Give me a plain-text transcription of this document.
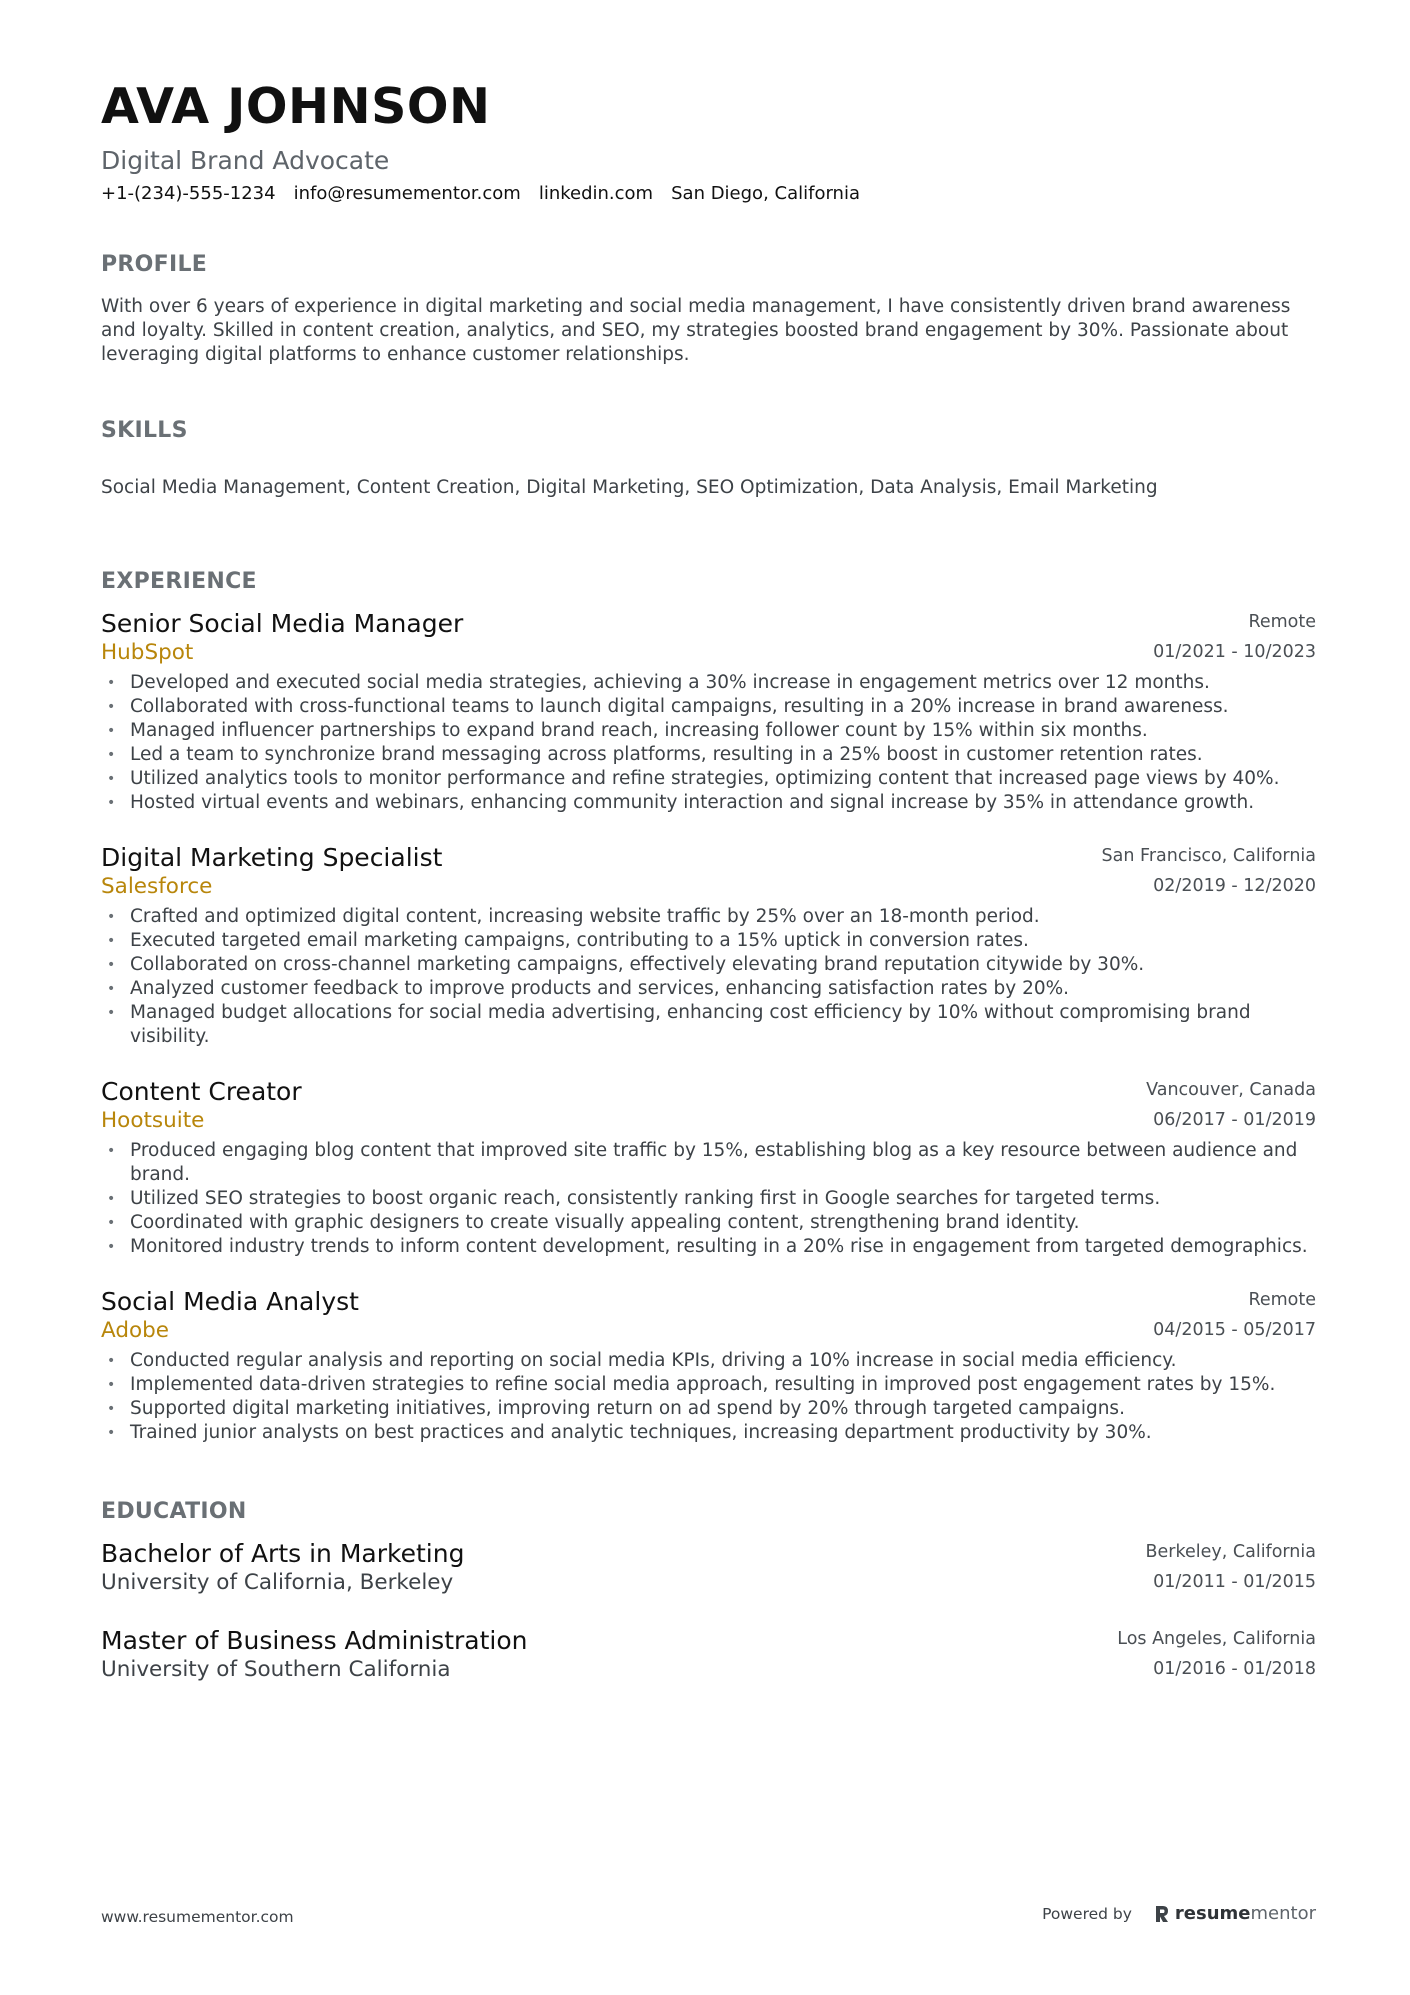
AVA JOHNSON
Digital Brand Advocate
+1-(234)-555-1234 info@resumementor.com linkedin.com San Diego, California
PROFILE
With over 6 years of experience in digital marketing and social media management, I have consistently driven brand awareness and loyalty. Skilled in content creation, analytics, and SEO, my strategies boosted brand engagement by 30%. Passionate about leveraging digital platforms to enhance customer relationships.
SKILLS
Social Media Management, Content Creation, Digital Marketing, SEO Optimization, Data Analysis, Email Marketing
EXPERIENCE
Senior Social Media Manager
HubSpot
Remote
01/2021 - 10/2023
• Developed and executed social media strategies, achieving a 30% increase in engagement metrics over 12 months.
• Collaborated with cross-functional teams to launch digital campaigns, resulting in a 20% increase in brand awareness.
• Managed influencer partnerships to expand brand reach, increasing follower count by 15% within six months.
• Led a team to synchronize brand messaging across platforms, resulting in a 25% boost in customer retention rates.
• Utilized analytics tools to monitor performance and refine strategies, optimizing content that increased page views by 40%.
• Hosted virtual events and webinars, enhancing community interaction and signal increase by 35% in attendance growth.
Digital Marketing Specialist
Salesforce
San Francisco, California
02/2019 - 12/2020
• Crafted and optimized digital content, increasing website traffic by 25% over an 18-month period.
• Executed targeted email marketing campaigns, contributing to a 15% uptick in conversion rates.
• Collaborated on cross-channel marketing campaigns, effectively elevating brand reputation citywide by 30%.
• Analyzed customer feedback to improve products and services, enhancing satisfaction rates by 20%.
• Managed budget allocations for social media advertising, enhancing cost efficiency by 10% without compromising brand visibility.
Content Creator
Hootsuite
Vancouver, Canada
06/2017 - 01/2019
• Produced engaging blog content that improved site traffic by 15%, establishing blog as a key resource between audience and brand.
• Utilized SEO strategies to boost organic reach, consistently ranking first in Google searches for targeted terms.
• Coordinated with graphic designers to create visually appealing content, strengthening brand identity.
• Monitored industry trends to inform content development, resulting in a 20% rise in engagement from targeted demographics.
Social Media Analyst
Adobe
Remote
04/2015 - 05/2017
• Conducted regular analysis and reporting on social media KPIs, driving a 10% increase in social media efficiency.
• Implemented data-driven strategies to refine social media approach, resulting in improved post engagement rates by 15%.
• Supported digital marketing initiatives, improving return on ad spend by 20% through targeted campaigns.
• Trained junior analysts on best practices and analytic techniques, increasing department productivity by 30%.
EDUCATION
Bachelor of Arts in Marketing
University of California, Berkeley
Berkeley, California
01/2011 - 01/2015
Master of Business Administration
University of Southern California
Los Angeles, California
01/2016 - 01/2018
www.resumementor.com	Powered by resume mentor
